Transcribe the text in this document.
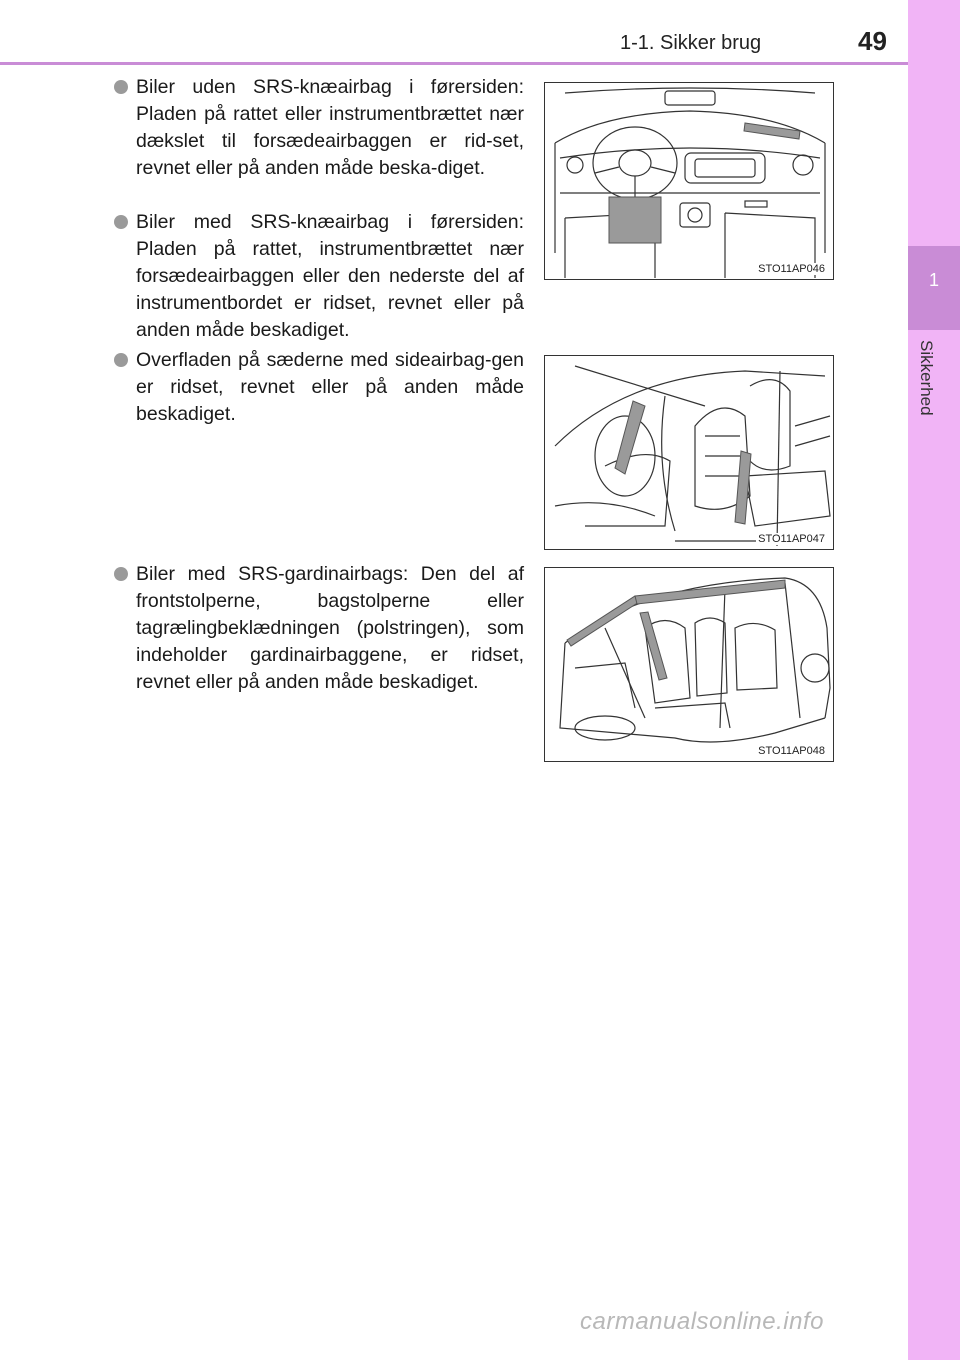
1-1. Sikker brug	49
1
Sikkerhed
Biler uden SRS-knæairbag i førersiden: Pladen på rattet eller instrumentbrættet nær dækslet til forsædeairbaggen er rid-set, revnet eller på anden måde beska-diget.
Biler med SRS-knæairbag i førersiden: Pladen på rattet, instrumentbrættet nær forsædeairbaggen eller den nederste del af instrumentbordet er ridset, revnet eller på anden måde beskadiget.
Overfladen på sæderne med sideairbag-gen er ridset, revnet eller på anden måde beskadiget.
Biler med SRS-gardinairbags: Den del af frontstolperne, bagstolperne eller tagrælingbeklædningen (polstringen), som indeholder gardinairbaggene, er ridset, revnet eller på anden måde beskadiget.
STO11AP046
STO11AP047
STO11AP048
carmanualsonline.info
